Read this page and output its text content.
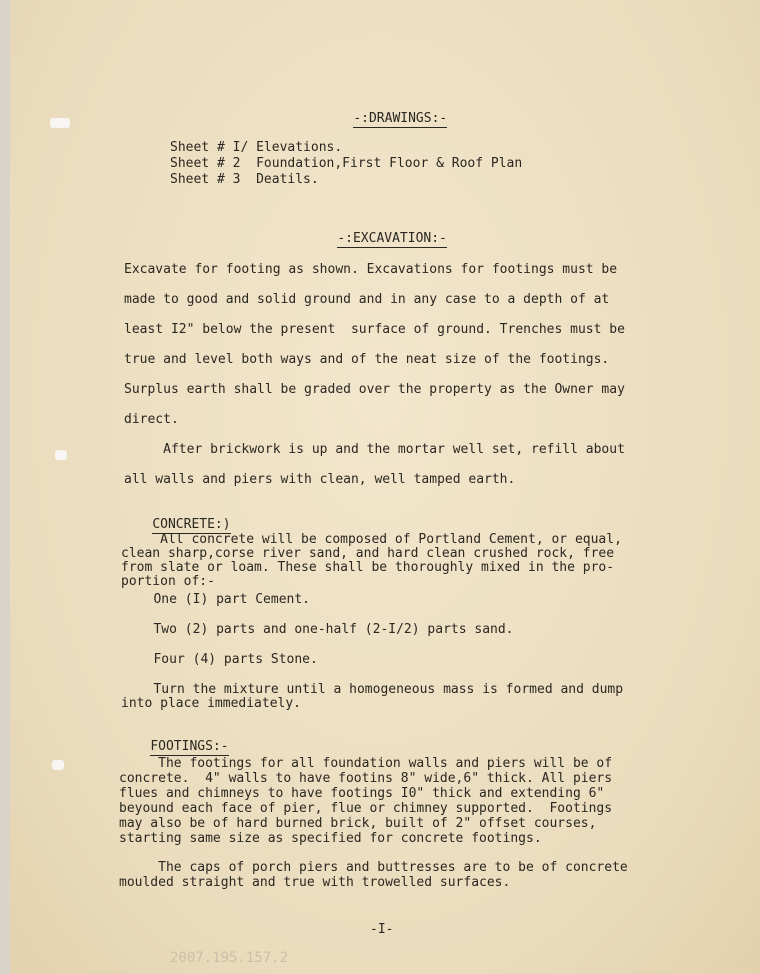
-:DRAWINGS:-

Sheet # I/ Elevations.
Sheet # 2  Foundation,First Floor & Roof Plan
Sheet # 3  Deatils.

-:EXCAVATION:-

Excavate for footing as shown. Excavations for footings must be
made to good and solid ground and in any case to a depth of at
least I2" below the present  surface of ground. Trenches must be
true and level both ways and of the neat size of the footings.
Surplus earth shall be graded over the property as the Owner may
direct.
After brickwork is up and the mortar well set, refill about
all walls and piers with clean, well tamped earth.

CONCRETE:)

All concrete will be composed of Portland Cement, or equal,
clean sharp,corse river sand, and hard clean crushed rock, free
from slate or loam. These shall be thoroughly mixed in the pro-
portion of:-
One (I) part Cement.
Two (2) parts and one-half (2-I/2) parts sand.
Four (4) parts Stone.
Turn the mixture until a homogeneous mass is formed and dump
into place immediately.

FOOTINGS:-

The footings for all foundation walls and piers will be of
concrete.  4" walls to have footins 8" wide,6" thick. All piers
flues and chimneys to have footings I0" thick and extending 6"
beyound each face of pier, flue or chimney supported.  Footings
may also be of hard burned brick, built of 2" offset courses,
starting same size as specified for concrete footings.
The caps of porch piers and buttresses are to be of concrete
moulded straight and true with trowelled surfaces.
-I-
2007.195.157.2
